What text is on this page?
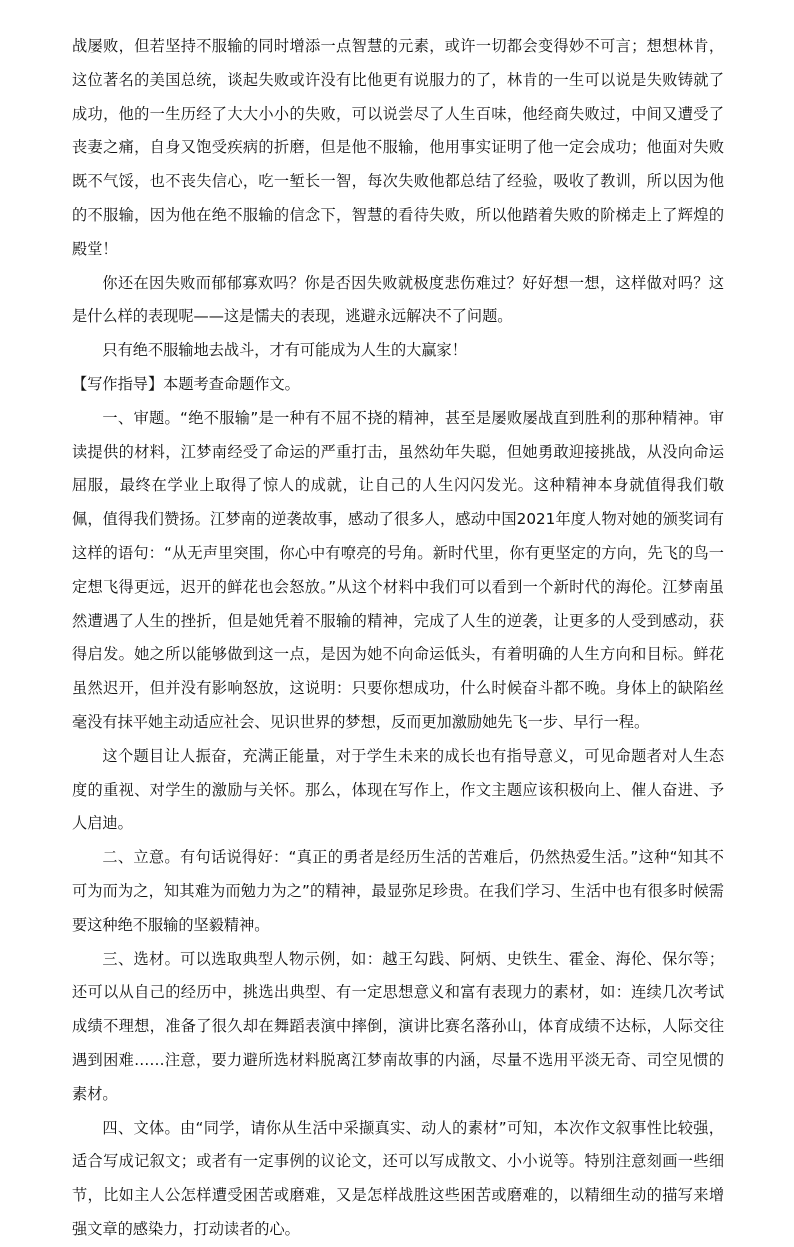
战屡败，但若坚持不服输的同时增添一点智慧的元素，或许一切都会变得妙不可言；想想林肯，这位著名的美国总统，谈起失败或许没有比他更有说服力的了，林肯的一生可以说是失败铸就了成功，他的一生历经了大大小小的失败，可以说尝尽了人生百味，他经商失败过，中间又遭受了丧妻之痛，自身又饱受疾病的折磨，但是他不服输，他用事实证明了他一定会成功；他面对失败既不气馁，也不丧失信心，吃一堑长一智，每次失败他都总结了经验，吸收了教训，所以因为他的不服输，因为他在绝不服输的信念下，智慧的看待失败，所以他踏着失败的阶梯走上了辉煌的殿堂！

你还在因失败而郁郁寡欢吗？你是否因失败就极度悲伤难过？好好想一想，这样做对吗？这是什么样的表现呢——这是懦夫的表现，逃避永远解决不了问题。

只有绝不服输地去战斗，才有可能成为人生的大赢家！

【写作指导】本题考查命题作文。

一、审题。“绝不服输”是一种有不屈不挠的精神，甚至是屡败屡战直到胜利的那种精神。审读提供的材料，江梦南经受了命运的严重打击，虽然幼年失聪，但她勇敢迎接挑战，从没向命运屈服，最终在学业上取得了惊人的成就，让自己的人生闪闪发光。这种精神本身就值得我们敬佩，值得我们赞扬。江梦南的逆袭故事，感动了很多人，感动中国2021年度人物对她的颁奖词有这样的语句：“从无声里突围，你心中有嘹亮的号角。新时代里，你有更坚定的方向，先飞的鸟一定想飞得更远，迟开的鲜花也会怒放。”从这个材料中我们可以看到一个新时代的海伦。江梦南虽然遭遇了人生的挫折，但是她凭着不服输的精神，完成了人生的逆袭，让更多的人受到感动，获得启发。她之所以能够做到这一点，是因为她不向命运低头，有着明确的人生方向和目标。鲜花虽然迟开，但并没有影响怒放，这说明：只要你想成功，什么时候奋斗都不晚。身体上的缺陷丝毫没有抹平她主动适应社会、见识世界的梦想，反而更加激励她先飞一步、早行一程。

这个题目让人振奋，充满正能量，对于学生未来的成长也有指导意义，可见命题者对人生态度的重视、对学生的激励与关怀。那么，体现在写作上，作文主题应该积极向上、催人奋进、予人启迪。

二、立意。有句话说得好：“真正的勇者是经历生活的苦难后，仍然热爱生活。”这种“知其不可为而为之，知其难为而勉力为之”的精神，最显弥足珍贵。在我们学习、生活中也有很多时候需要这种绝不服输的坚毅精神。

三、选材。可以选取典型人物示例，如：越王勾践、阿炳、史铁生、霍金、海伦、保尔等；还可以从自己的经历中，挑选出典型、有一定思想意义和富有表现力的素材，如：连续几次考试成绩不理想，准备了很久却在舞蹈表演中摔倒，演讲比赛名落孙山，体育成绩不达标，人际交往遇到困难……注意，要力避所选材料脱离江梦南故事的内涵，尽量不选用平淡无奇、司空见惯的素材。

四、文体。由“同学，请你从生活中采撷真实、动人的素材”可知，本次作文叙事性比较强，适合写成记叙文；或者有一定事例的议论文，还可以写成散文、小小说等。特别注意刻画一些细节，比如主人公怎样遭受困苦或磨难，又是怎样战胜这些困苦或磨难的，以精细生动的描写来增强文章的感染力，打动读者的心。
